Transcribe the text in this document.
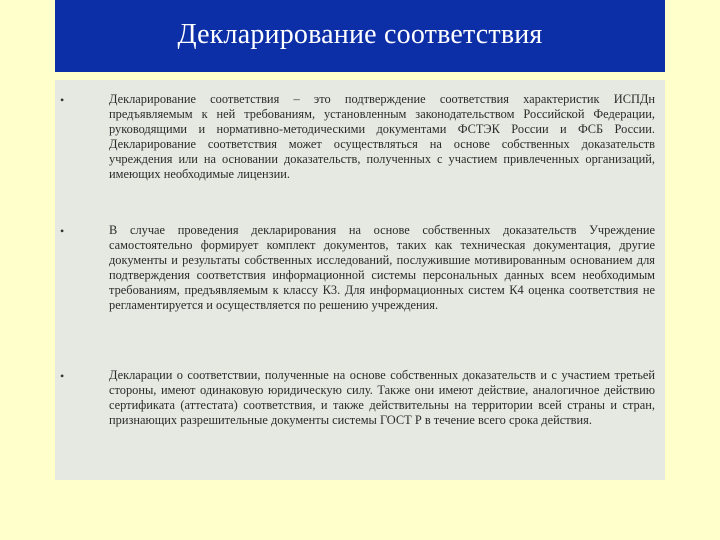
Декларирование соответствия
•	Декларирование соответствия – это подтверждение соответствия характеристик ИСПДн предъявляемым к ней требованиям, установленным законодательством Российской Федерации, руководящими и нормативно-методическими документами ФСТЭК России и ФСБ России. Декларирование соответствия может осуществляться на основе собственных доказательств учреждения или на основании доказательств, полученных с участием привлеченных организаций, имеющих необходимые лицензии.

•	В случае проведения декларирования на основе собственных доказательств Учреждение самостоятельно формирует комплект документов, таких как техническая документация, другие документы и результаты собственных исследований, послужившие мотивированным основанием для подтверждения соответствия информационной системы персональных данных всем необходимым требованиям, предъявляемым к классу К3. Для информационных систем К4 оценка соответствия не регламентируется и осуществляется по решению учреждения.

•	Декларации о соответствии, полученные на основе собственных доказательств и с участием третьей стороны, имеют одинаковую юридическую силу. Также они имеют действие, аналогичное действию сертификата (аттестата) соответствия, и также действительны на территории всей страны и стран, признающих разрешительные документы системы ГОСТ Р в течение всего срока действия.
